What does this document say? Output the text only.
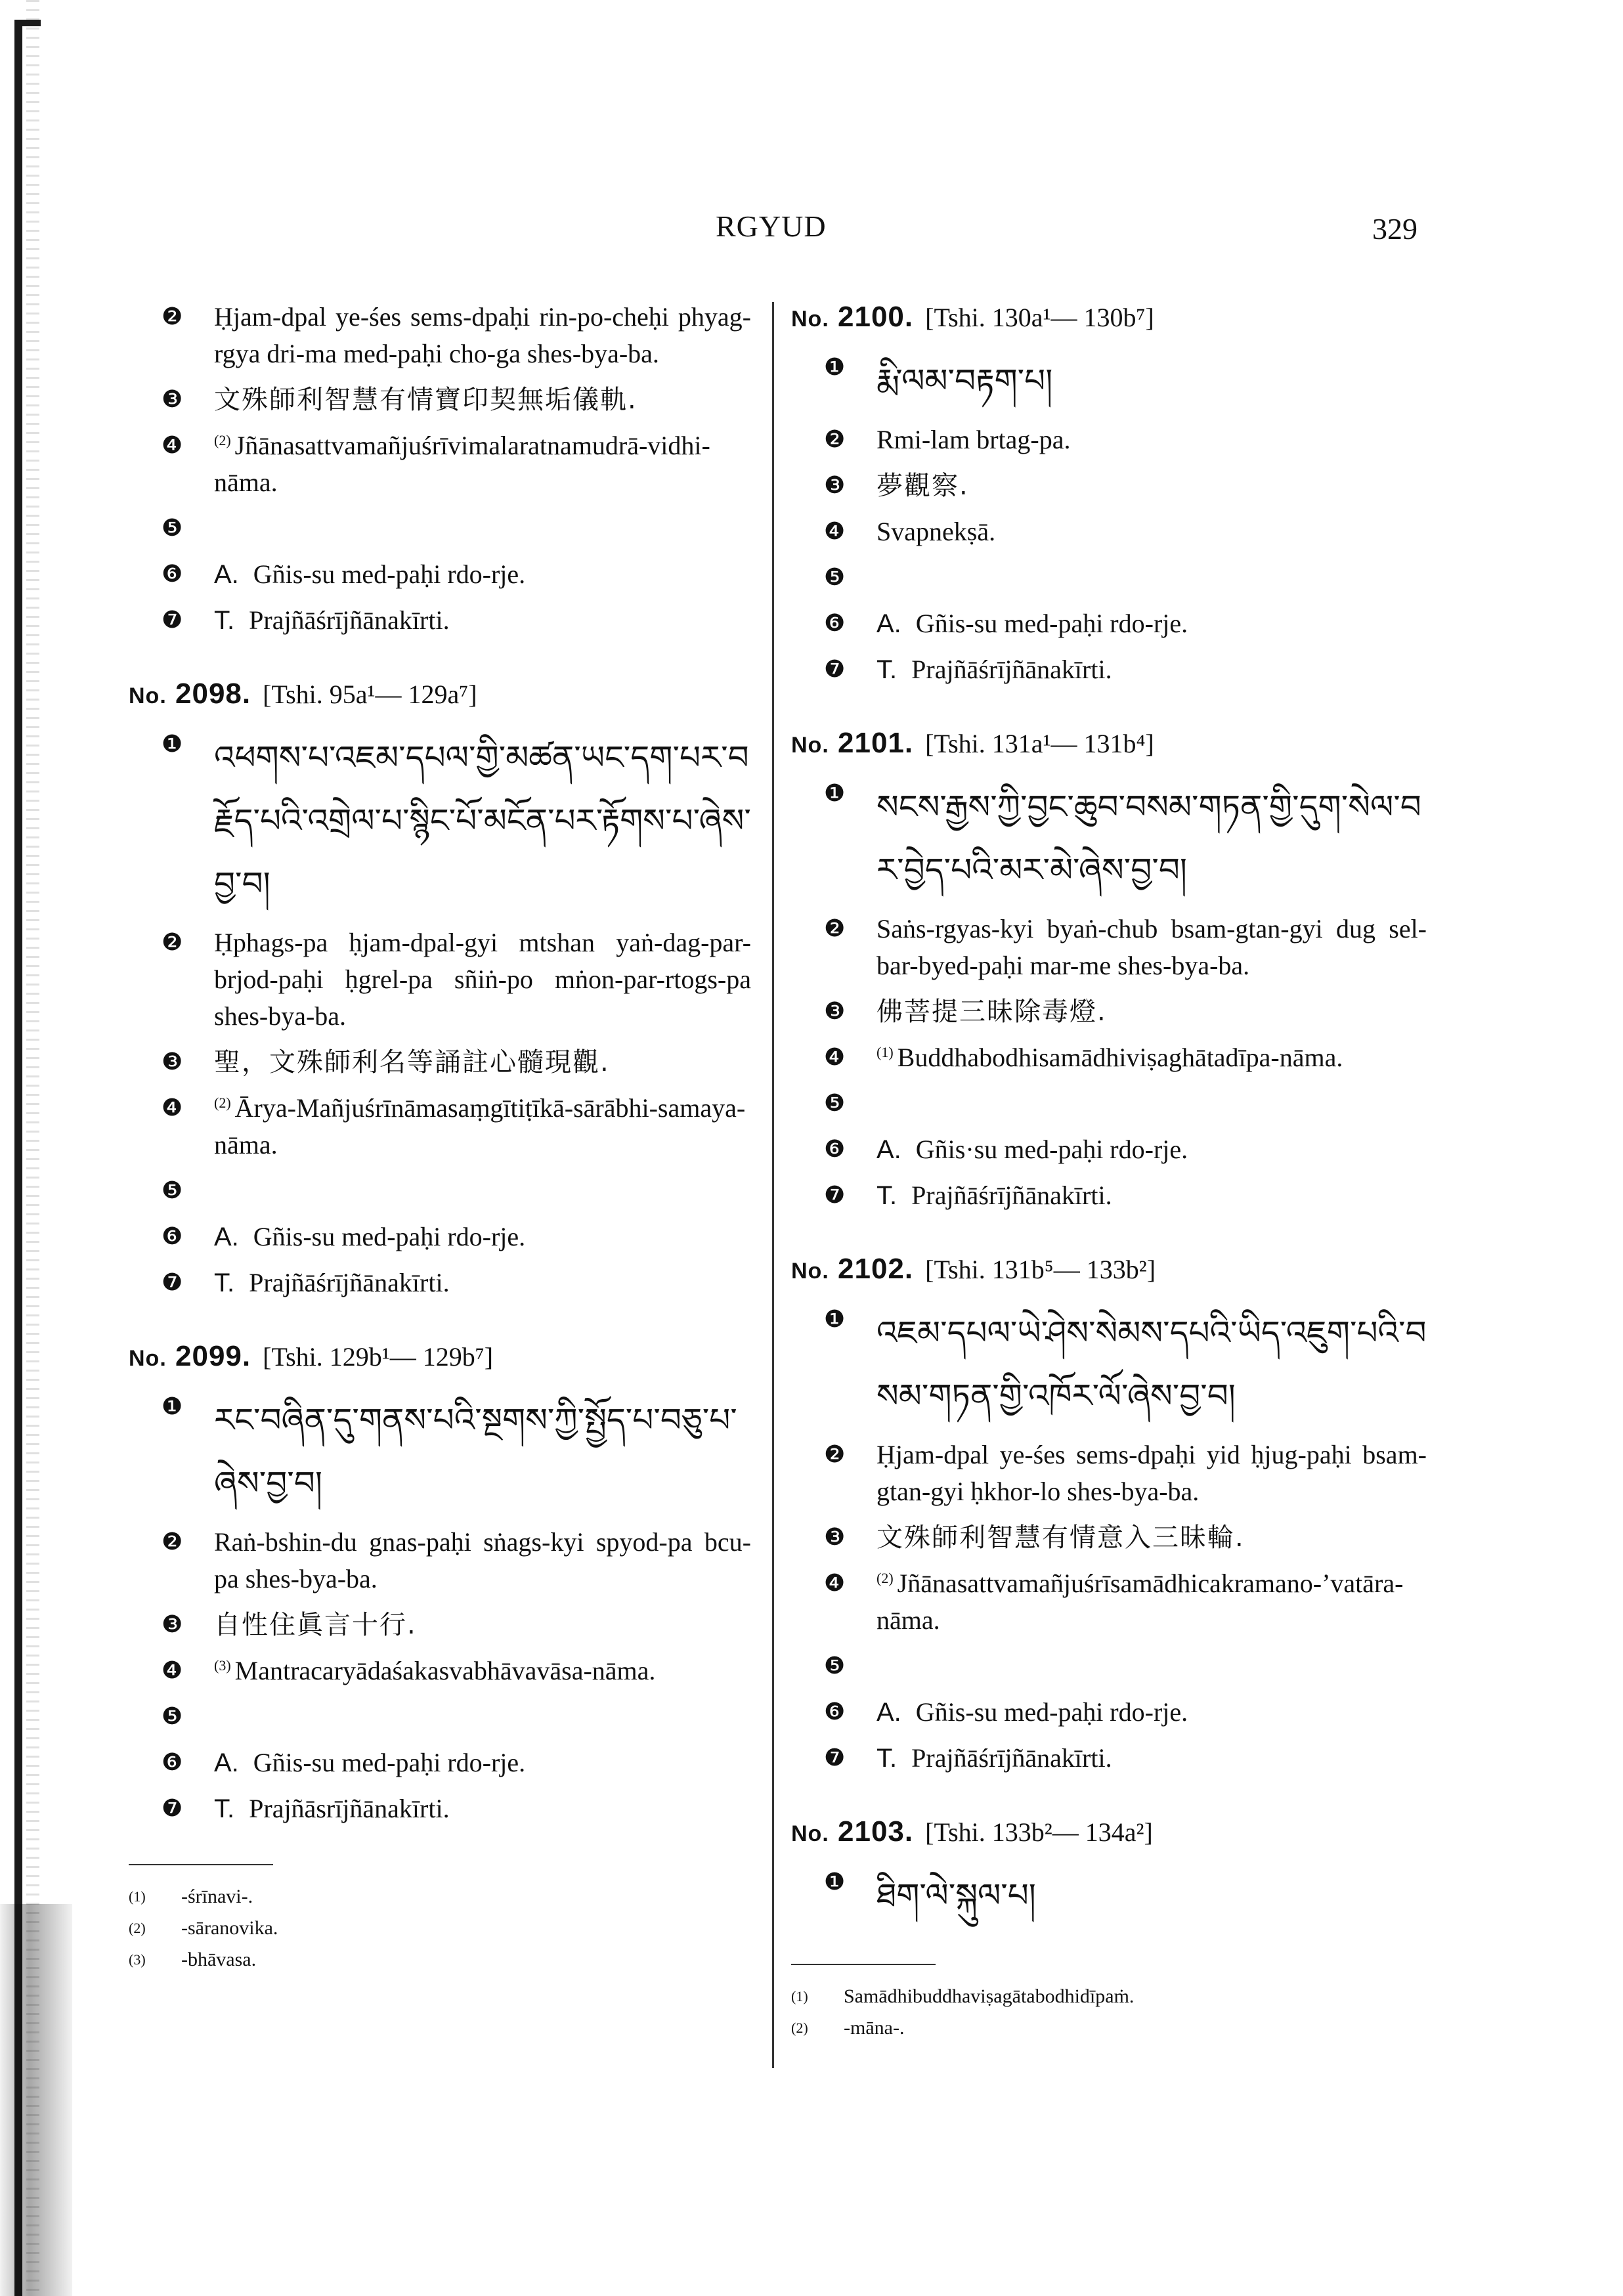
RGYUD	329
❷	Ḥjam-dpal ye-śes sems-dpaḥi rin-po-cheḥi phyag-rgya dri-ma med-paḥi cho-ga shes-bya-ba.
❸	文殊師利智慧有情寶印契無垢儀軌.
❹	$^{(2)}$ Jñānasattvamañjuśrīvimalaratnamudrā-vidhi-nāma.
❺
❻	A. Gñis-su med-paḥi rdo-rje.
❼	T. Prajñāśrījñānakīrti.
No. 2098. [Tshi. 95a¹— 129a⁷]
❶ འཕགས་པ་འཇམ་དཔལ་གྱི་མཚན་ཡང་དག་པར་བརྗོད་པའི་འགྲེལ་པ་སྙིང་པོ་མངོན་པར་རྟོགས་པ་ཞེས་བྱ་བ།
❷	Ḥphags-pa ḥjam-dpal-gyi mtshan yaṅ-dag-par-brjod-paḥi ḥgrel-pa sñiṅ-po mṅon-par-rtogs-pa shes-bya-ba.
❸	聖，文殊師利名等誦註心髓現觀.
❹	$^{(2)}$ Ārya-Mañjuśrīnāmasaṃgītiṭīkā-sārābhi-samaya-nāma.
❺
❻	A. Gñis-su med-paḥi rdo-rje.
❼	T. Prajñāśrījñānakīrti.
No. 2099. [Tshi. 129b¹— 129b⁷]
❶ རང་བཞིན་དུ་གནས་པའི་སྔགས་ཀྱི་སྤྱོད་པ་བཅུ་པ་ཞེས་བྱ་བ།
❷	Raṅ-bshin-du gnas-paḥi sṅags-kyi spyod-pa bcu-pa shes-bya-ba.
❸	自性住眞言十行.
❹	$^{(3)}$ Mantracaryādaśakasvabhāvavāsa-nāma.
❺
❻	A. Gñis-su med-paḥi rdo-rje.
❼	T. Prajñāsrījñānakīrti.
(1)	-śrīnavi-.
(2)	-sāranovika.
(3)	-bhāvasa.
No. 2100. [Tshi. 130a¹— 130b⁷]
❶ རྨི་ལམ་བརྟག་པ།
❷	Rmi-lam brtag-pa.
❸	夢觀察.
❹	Svapnekṣā.
❺
❻	A. Gñis-su med-paḥi rdo-rje.
❼	T. Prajñāśrījñānakīrti.
No. 2101. [Tshi. 131a¹— 131b⁴]
❶ སངས་རྒྱས་ཀྱི་བྱང་ཆུབ་བསམ་གཏན་གྱི་དུག་སེལ་བར་བྱེད་པའི་མར་མེ་ཞེས་བྱ་བ།
❷	Saṅs-rgyas-kyi byaṅ-chub bsam-gtan-gyi dug sel-bar-byed-paḥi mar-me shes-bya-ba.
❸	佛菩提三昧除毒燈.
❹	$^{(1)}$ Buddhabodhisamādhiviṣaghātadīpa-nāma.
❺
❻	A. Gñis·su med-paḥi rdo-rje.
❼	T. Prajñāśrījñānakīrti.
No. 2102. [Tshi. 131b⁵— 133b²]
❶ འཇམ་དཔལ་ཡེ་ཤེས་སེམས་དཔའི་ཡིད་འཇུག་པའི་བསམ་གཏན་གྱི་འཁོར་ལོ་ཞེས་བྱ་བ།
❷	Ḥjam-dpal ye-śes sems-dpaḥi yid ḥjug-paḥi bsam-gtan-gyi ḥkhor-lo shes-bya-ba.
❸	文殊師利智慧有情意入三昧輪.
❹	$^{(2)}$ Jñānasattvamañjuśrīsamādhicakramano-’vatāra-nāma.
❺
❻	A. Gñis-su med-paḥi rdo-rje.
❼	T. Prajñāśrījñānakīrti.
No. 2103. [Tshi. 133b²— 134a²]
❶ ཐིག་ལེ་སྐུལ་པ།
(1)	Samādhibuddhaviṣagātabodhidīpaṁ.
(2)	-māna-.
